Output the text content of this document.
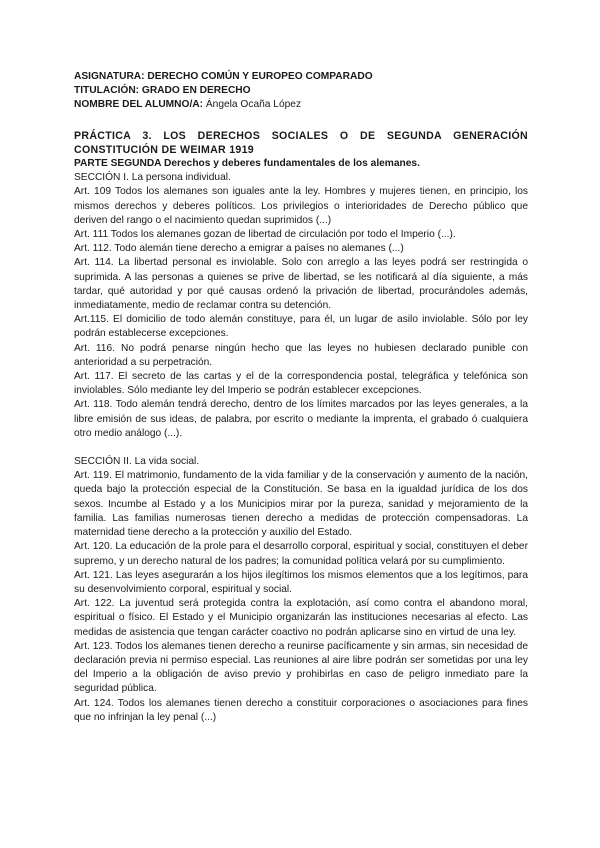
ASIGNATURA: DERECHO COMÚN Y EUROPEO COMPARADO

TITULACIÓN: GRADO EN DERECHO

NOMBRE DEL ALUMNO/A: Ángela Ocaña López

PRÁCTICA 3. LOS DERECHOS SOCIALES O DE SEGUNDA GENERACIÓN CONSTITUCIÓN DE WEIMAR 1919

PARTE SEGUNDA Derechos y deberes fundamentales de los alemanes.

SECCIÓN I. La persona individual.

Art. 109 Todos los alemanes son iguales ante la ley. Hombres y mujeres tienen, en principio, los mismos derechos y deberes políticos. Los privilegios o interioridades de Derecho público que deriven del rango o el nacimiento quedan suprimidos (...)

Art. 111 Todos los alemanes gozan de libertad de circulación por todo el Imperio (...).

Art. 112. Todo alemán tiene derecho a emigrar a países no alemanes (...)

Art. 114. La libertad personal es inviolable. Solo con arreglo a las leyes podrá ser restringida o suprimida. A las personas a quienes se prive de libertad, se les notificará al día siguiente, a más tardar, qué autoridad y por qué causas ordenó la privación de libertad, procurándoles además, inmediatamente, medio de reclamar contra su detención.

Art.115. El domicilio de todo alemán constituye, para él, un lugar de asilo inviolable. Sólo por ley podrán establecerse excepciones.

Art. 116. No podrá penarse ningún hecho que las leyes no hubiesen declarado punible con anterioridad a su perpetración.

Art. 117. El secreto de las cartas y el de la correspondencia postal, telegráfica y telefónica son inviolables. Sólo mediante ley del Imperio se podrán establecer excepciones.

Art. 118. Todo alemán tendrá derecho, dentro de los límites marcados por las leyes generales, a la libre emisión de sus ideas, de palabra, por escrito o mediante la imprenta, el grabado ó cualquiera otro medio análogo (...).

SECCIÓN II. La vida social.

Art. 119. El matrimonio, fundamento de la vida familiar y de la conservación y aumento de la nación, queda bajo la protección especial de la Constitución. Se basa en la igualdad jurídica de los dos sexos. Incumbe al Estado y a los Municipios mirar por la pureza, sanidad y mejoramiento de la familia. Las familias numerosas tienen derecho a medidas de protección compensadoras. La maternidad tiene derecho a la protección y auxilio del Estado.

Art. 120. La educación de la prole para el desarrollo corporal, espiritual y social, constituyen el deber supremo, y un derecho natural de los padres; la comunidad política velará por su cumplimiento.

Art. 121. Las leyes asegurarán a los hijos ilegítimos los mismos elementos que a los legítimos, para su desenvolvimiento corporal, espiritual y social.

Art. 122. La juventud será protegida contra la explotación, así como contra el abandono moral, espiritual o físico. El Estado y el Municipio organizarán las instituciones necesarias al efecto. Las medidas de asistencia que tengan carácter coactivo no podrán aplicarse sino en virtud de una ley.

Art. 123. Todos los alemanes tienen derecho a reunirse pacíficamente y sin armas, sin necesidad de declaración previa ni permiso especial. Las reuniones al aire libre podrán ser sometidas por una ley del Imperio a la obligación de aviso previo y prohibirlas en caso de peligro inmediato pare la seguridad pública.

Art. 124. Todos los alemanes tienen derecho a constituir corporaciones o asociaciones para fines que no infrinjan la ley penal (...)
